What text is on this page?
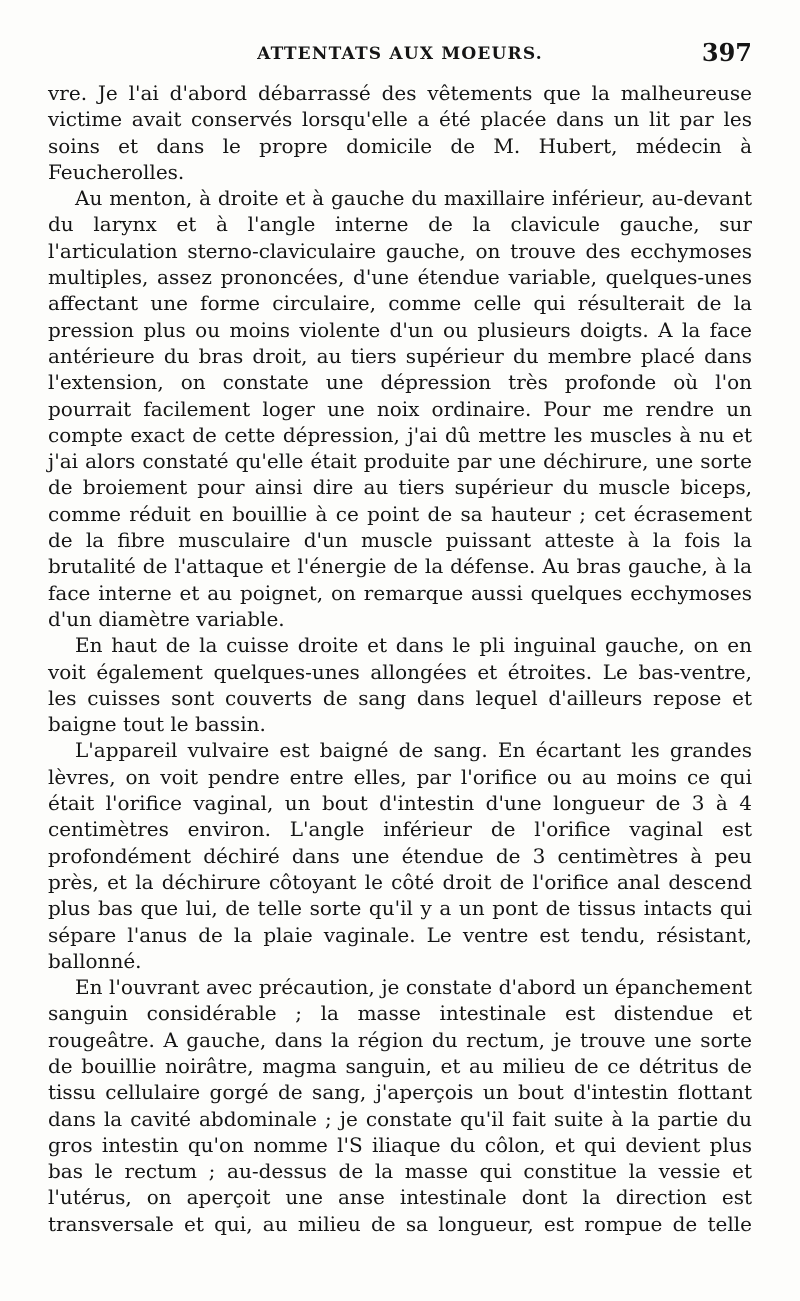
ATTENTATS AUX MOEURS.	397

vre. Je l'ai d'abord débarrassé des vêtements que la malheureuse victime avait conservés lorsqu'elle a été placée dans un lit par les soins et dans le propre domicile de M. Hubert, médecin à Feucherolles.

Au menton, à droite et à gauche du maxillaire inférieur, au-devant du larynx et à l'angle interne de la clavicule gauche, sur l'articulation sterno-claviculaire gauche, on trouve des ecchymoses multiples, assez prononcées, d'une étendue variable, quelques-unes affectant une forme circulaire, comme celle qui résulterait de la pression plus ou moins violente d'un ou plusieurs doigts. A la face antérieure du bras droit, au tiers supérieur du membre placé dans l'extension, on constate une dépression très profonde où l'on pourrait facilement loger une noix ordinaire. Pour me rendre un compte exact de cette dépression, j'ai dû mettre les muscles à nu et j'ai alors constaté qu'elle était produite par une déchirure, une sorte de broiement pour ainsi dire au tiers supérieur du muscle biceps, comme réduit en bouillie à ce point de sa hauteur ; cet écrasement de la fibre musculaire d'un muscle puissant atteste à la fois la brutalité de l'attaque et l'énergie de la défense. Au bras gauche, à la face interne et au poignet, on remarque aussi quelques ecchymoses d'un diamètre variable.

En haut de la cuisse droite et dans le pli inguinal gauche, on en voit également quelques-unes allongées et étroites. Le bas-ventre, les cuisses sont couverts de sang dans lequel d'ailleurs repose et baigne tout le bassin.

L'appareil vulvaire est baigné de sang. En écartant les grandes lèvres, on voit pendre entre elles, par l'orifice ou au moins ce qui était l'orifice vaginal, un bout d'intestin d'une longueur de 3 à 4 centimètres environ. L'angle inférieur de l'orifice vaginal est profondément déchiré dans une étendue de 3 centimètres à peu près, et la déchirure côtoyant le côté droit de l'orifice anal descend plus bas que lui, de telle sorte qu'il y a un pont de tissus intacts qui sépare l'anus de la plaie vaginale. Le ventre est tendu, résistant, ballonné.

En l'ouvrant avec précaution, je constate d'abord un épanchement sanguin considérable ; la masse intestinale est distendue et rougeâtre. A gauche, dans la région du rectum, je trouve une sorte de bouillie noirâtre, magma sanguin, et au milieu de ce détritus de tissu cellulaire gorgé de sang, j'aperçois un bout d'intestin flottant dans la cavité abdominale ; je constate qu'il fait suite à la partie du gros intestin qu'on nomme l'S iliaque du côlon, et qui devient plus bas le rectum ; au-dessus de la masse qui constitue la vessie et l'utérus, on aperçoit une anse intestinale dont la direction est transversale et qui, au milieu de sa longueur, est rompue de telle
